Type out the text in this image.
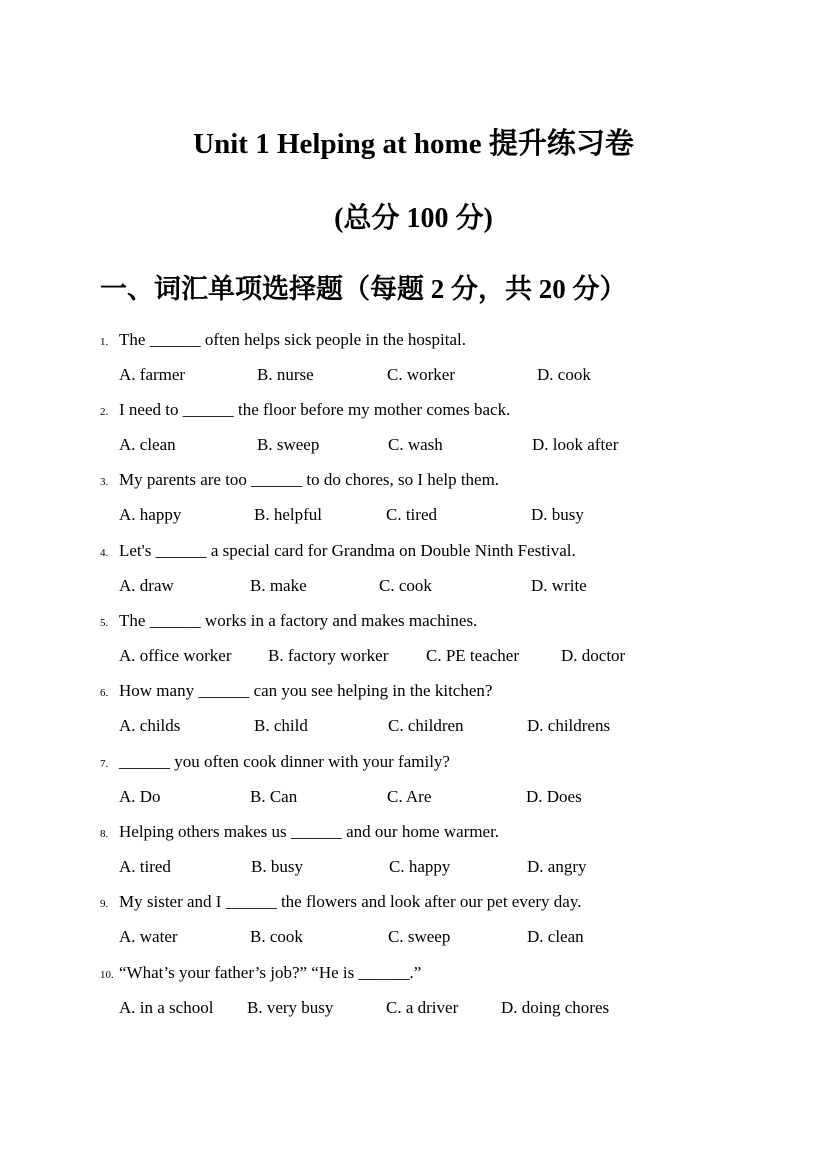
Unit 1 Helping at home 提升练习卷
(总分 100 分)
一、词汇单项选择题（每题 2 分，共 20 分）
1. The ______ often helps sick people in the hospital.
A. farmer	B. nurse	C. worker	D. cook
2. I need to ______ the floor before my mother comes back.
A. clean	B. sweep	C. wash	D. look after
3. My parents are too ______ to do chores, so I help them.
A. happy	B. helpful	C. tired	D. busy
4. Let's ______ a special card for Grandma on Double Ninth Festival.
A. draw	B. make	C. cook	D. write
5. The ______ works in a factory and makes machines.
A. office worker B. factory worker C. PE teacher D. doctor
6. How many ______ can you see helping in the kitchen?
A. childs	B. child	C. children	D. childrens
7. ______ you often cook dinner with your family?
A. Do	B. Can	C. Are	D. Does
8. Helping others makes us ______ and our home warmer.
A. tired	B. busy	C. happy	D. angry
9. My sister and I ______ the flowers and look after our pet every day.
A. water	B. cook	C. sweep	D. clean
10. “What’s your father’s job?” “He is ______.”
A. in a school B. very busy	C. a driver	D. doing chores
